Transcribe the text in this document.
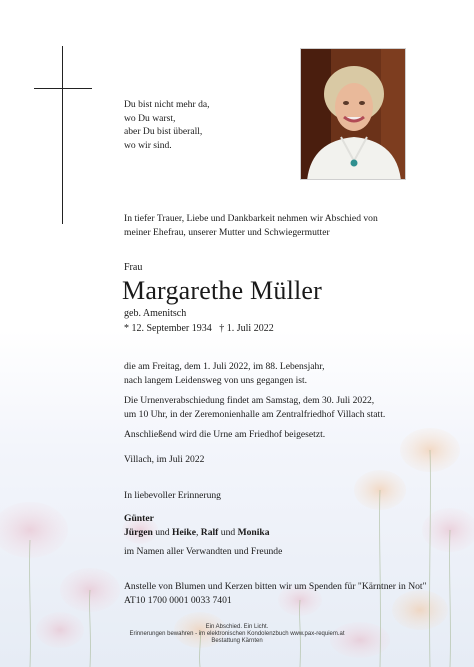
Du bist nicht mehr da,
wo Du warst,
aber Du bist überall,
wo wir sind.
In tiefer Trauer, Liebe und Dankbarkeit nehmen wir Abschied von
meiner Ehefrau, unserer Mutter und Schwiegermutter
Frau
Margarethe Müller
geb. Amenitsch
* 12. September 1934   † 1. Juli 2022
die am Freitag, dem 1. Juli 2022, im 88. Lebensjahr,
nach langem Leidensweg von uns gegangen ist.
Die Urnenverabschiedung findet am Samstag, dem 30. Juli 2022,
um 10 Uhr, in der Zeremonienhalle am Zentralfriedhof Villach statt.
Anschließend wird die Urne am Friedhof beigesetzt.
Villach, im Juli 2022
In liebevoller Erinnerung
Günter
Jürgen und Heike, Ralf und Monika
im Namen aller Verwandten und Freunde
Anstelle von Blumen und Kerzen bitten wir um Spenden für "Kärntner in Not"
AT10 1700 0001 0033 7401
Ein Abschied. Ein Licht.
Erinnerungen bewahren - im elektronischen Kondolenzbuch www.pax-requiem.at
Bestattung Kärnten
